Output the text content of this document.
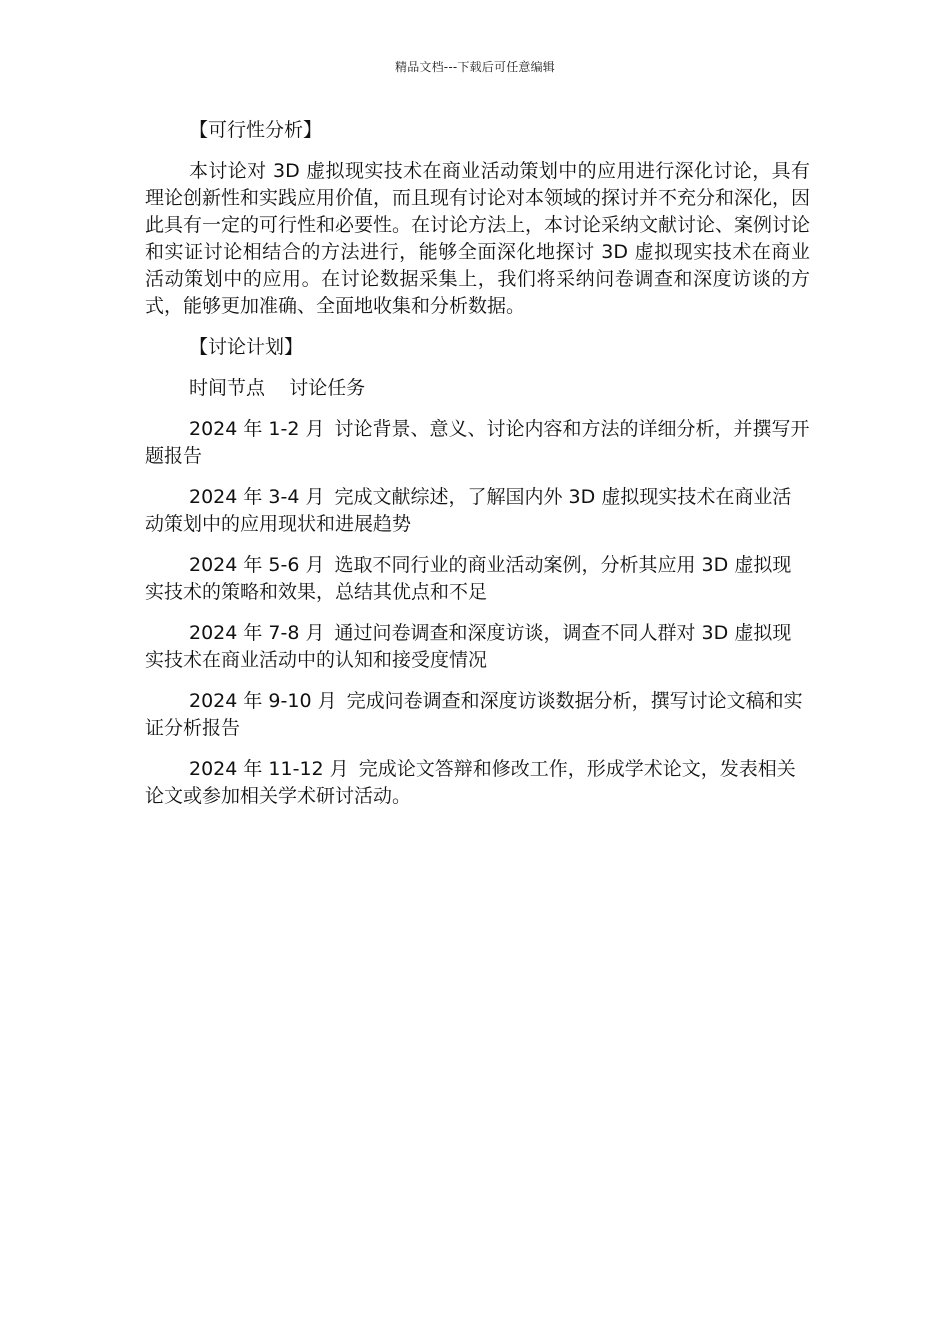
精品文档---下载后可任意编辑
【可行性分析】
本讨论对 3D 虚拟现实技术在商业活动策划中的应用进行深化讨论，具有理论创新性和实践应用价值，而且现有讨论对本领域的探讨并不充分和深化，因此具有一定的可行性和必要性。在讨论方法上，本讨论采纳文献讨论、案例讨论和实证讨论相结合的方法进行，能够全面深化地探讨 3D 虚拟现实技术在商业活动策划中的应用。在讨论数据采集上，我们将采纳问卷调查和深度访谈的方式，能够更加准确、全面地收集和分析数据。
【讨论计划】
时间节点 讨论任务
2024 年 1-2 月 讨论背景、意义、讨论内容和方法的详细分析，并撰写开题报告
2024 年 3-4 月 完成文献综述，了解国内外 3D 虚拟现实技术在商业活动策划中的应用现状和进展趋势
2024 年 5-6 月 选取不同行业的商业活动案例，分析其应用 3D 虚拟现实技术的策略和效果，总结其优点和不足
2024 年 7-8 月 通过问卷调查和深度访谈，调查不同人群对 3D 虚拟现实技术在商业活动中的认知和接受度情况
2024 年 9-10 月 完成问卷调查和深度访谈数据分析，撰写讨论文稿和实证分析报告
2024 年 11-12 月 完成论文答辩和修改工作，形成学术论文，发表相关论文或参加相关学术研讨活动。
